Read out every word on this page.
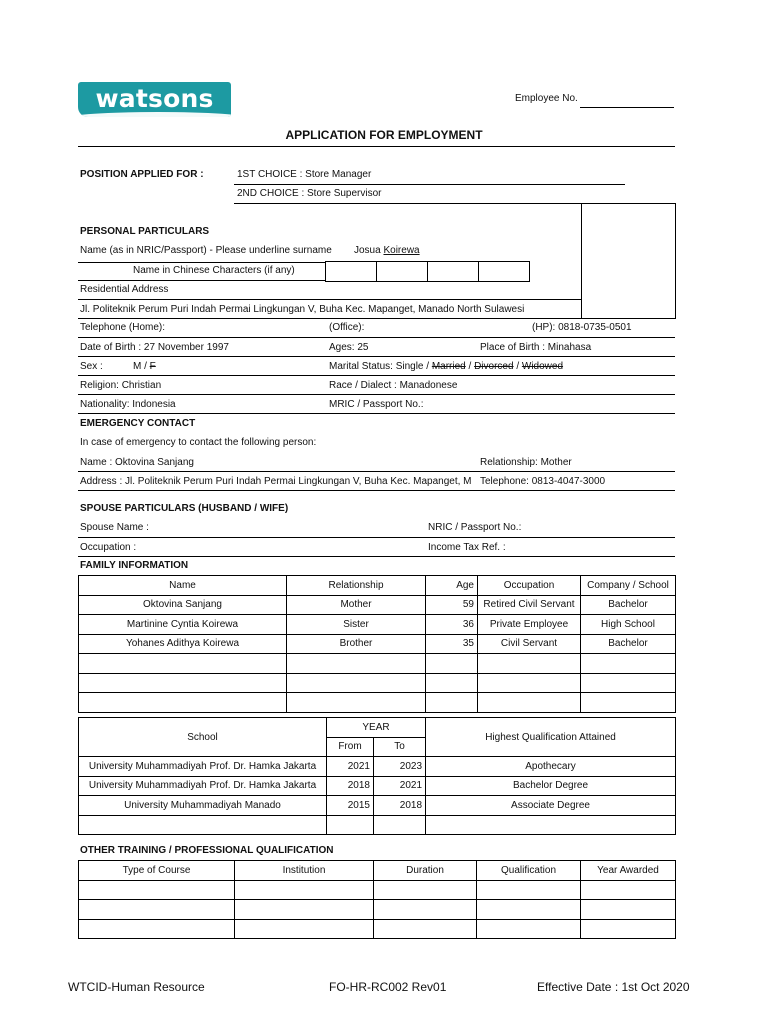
watsons	Employee No.
APPLICATION FOR EMPLOYMENT
POSITION APPLIED FOR :	1ST CHOICE : Store Manager
2ND CHOICE : Store Supervisor
PERSONAL PARTICULARS
Name (as in NRIC/Passport) - Please underline surname Josua Koirewa
Name in Chinese Characters (if any)

Residential Address
Jl. Politeknik Perum Puri Indah Permai Lingkungan V, Buha Kec. Mapanget, Manado North Sulawesi
Telephone (Home):	(Office):	(HP): 0818-0735-0501
Date of Birth : 27 November 1997	Ages: 25	Place of Birth : Minahasa
Sex :	M / F	Marital Status: Single / Married / Divorced / Widowed
Religion: Christian	Race / Dialect : Manadonese
Nationality: Indonesia	MRIC / Passport No.:
EMERGENCY CONTACT
In case of emergency to contact the following person:
Name : Oktovina Sanjang	Relationship: Mother
Address : Jl. Politeknik Perum Puri Indah Permai Lingkungan V, Buha Kec. Mapanget, M Telephone: 0813-4047-3000
SPOUSE PARTICULARS (HUSBAND / WIFE)
Spouse Name :	NRIC / Passport No.:
Occupation :	Income Tax Ref. :
FAMILY INFORMATION
Name	Relationship	Age	Occupation	Company / School
Oktovina Sanjang	Mother	59	Retired Civil Servant	Bachelor
Martinine Cyntia Koirewa	Sister	36	Private Employee	High School
Yohanes Adithya Koirewa	Brother	35	Civil Servant	Bachelor

School	YEAR		Highest Qualification Attained
	From	To	
University Muhammadiyah Prof. Dr. Hamka Jakarta	2021	2023	Apothecary
University Muhammadiyah Prof. Dr. Hamka Jakarta	2018	2021	Bachelor Degree
University Muhammadiyah Manado	2015	2018	Associate Degree

OTHER TRAINING / PROFESSIONAL QUALIFICATION
Type of Course	Institution	Duration	Qualification	Year Awarded

WTCID-Human Resource	FO-HR-RC002 Rev01	Effective Date : 1st Oct 2020
